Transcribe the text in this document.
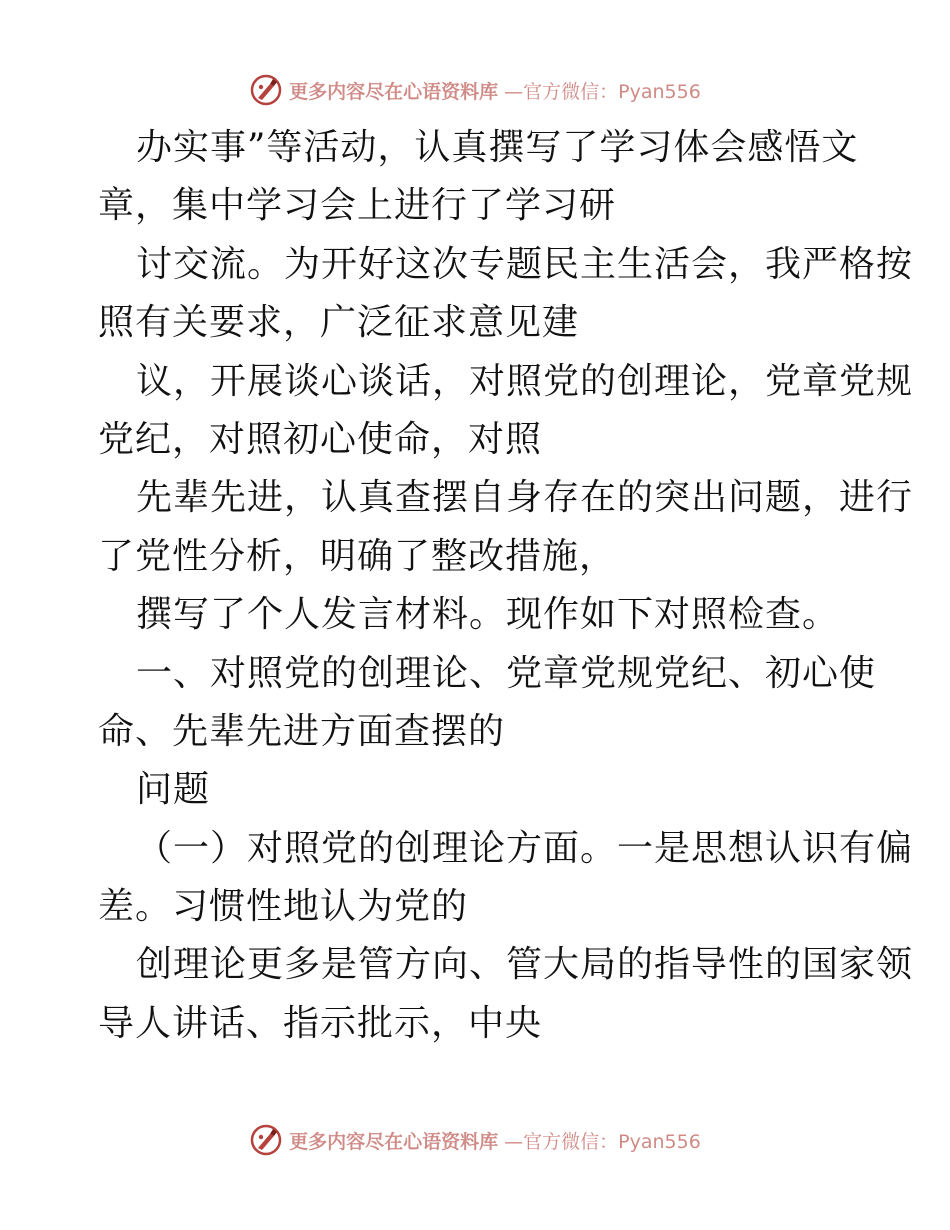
更多内容尽在心语资料库 —官方微信：Pyan556
办实事”等活动，认真撰写了学习体会感悟文
章，集中学习会上进行了学习研
讨交流。为开好这次专题民主生活会，我严格按
照有关要求，广泛征求意见建
议，开展谈心谈话，对照党的创理论，党章党规
党纪，对照初心使命，对照
先辈先进，认真查摆自身存在的突出问题，进行
了党性分析，明确了整改措施，
撰写了个人发言材料。现作如下对照检查。
一、对照党的创理论、党章党规党纪、初心使
命、先辈先进方面查摆的
问题
（一）对照党的创理论方面。一是思想认识有偏
差。习惯性地认为党的
创理论更多是管方向、管大局的指导性的国家领
导人讲话、指示批示，中央
更多内容尽在心语资料库 —官方微信：Pyan556
